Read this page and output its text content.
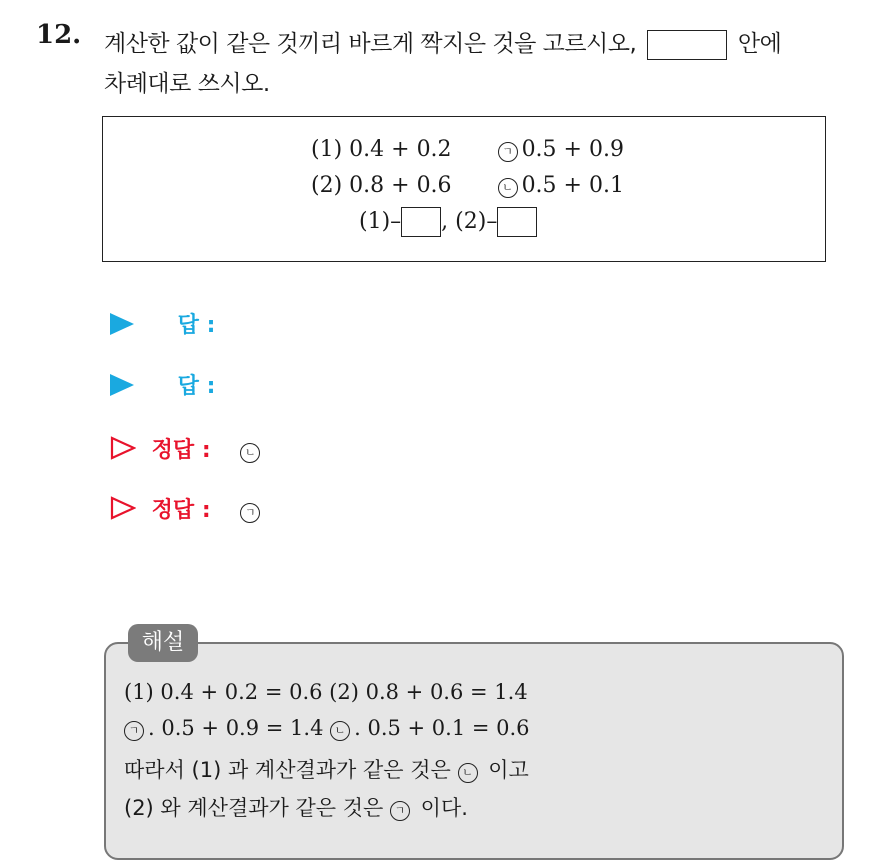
12. 계산한 값이 같은 것끼리 바르게 짝지은 것을 고르시오,	안에
차례대로 쓰시오.
(1) 0.4 + 0.2	ㄱ 0.5 + 0.9
(2) 0.8 + 0.6	ㄴ 0.5 + 0.1
(1)– , (2)–
답 :
답 :
정답 :	ㄴ
정답 :	ㄱ
해설
(1) 0.4 + 0.2 = 0.6 (2) 0.8 + 0.6 = 1.4
ㄱ . 0.5 + 0.9 = 1.4 ㄴ . 0.5 + 0.1 = 0.6
따라서 (1) 과 계산결과가 같은 것은 ㄴ 이고
(2) 와 계산결과가 같은 것은 ㄱ 이다.
